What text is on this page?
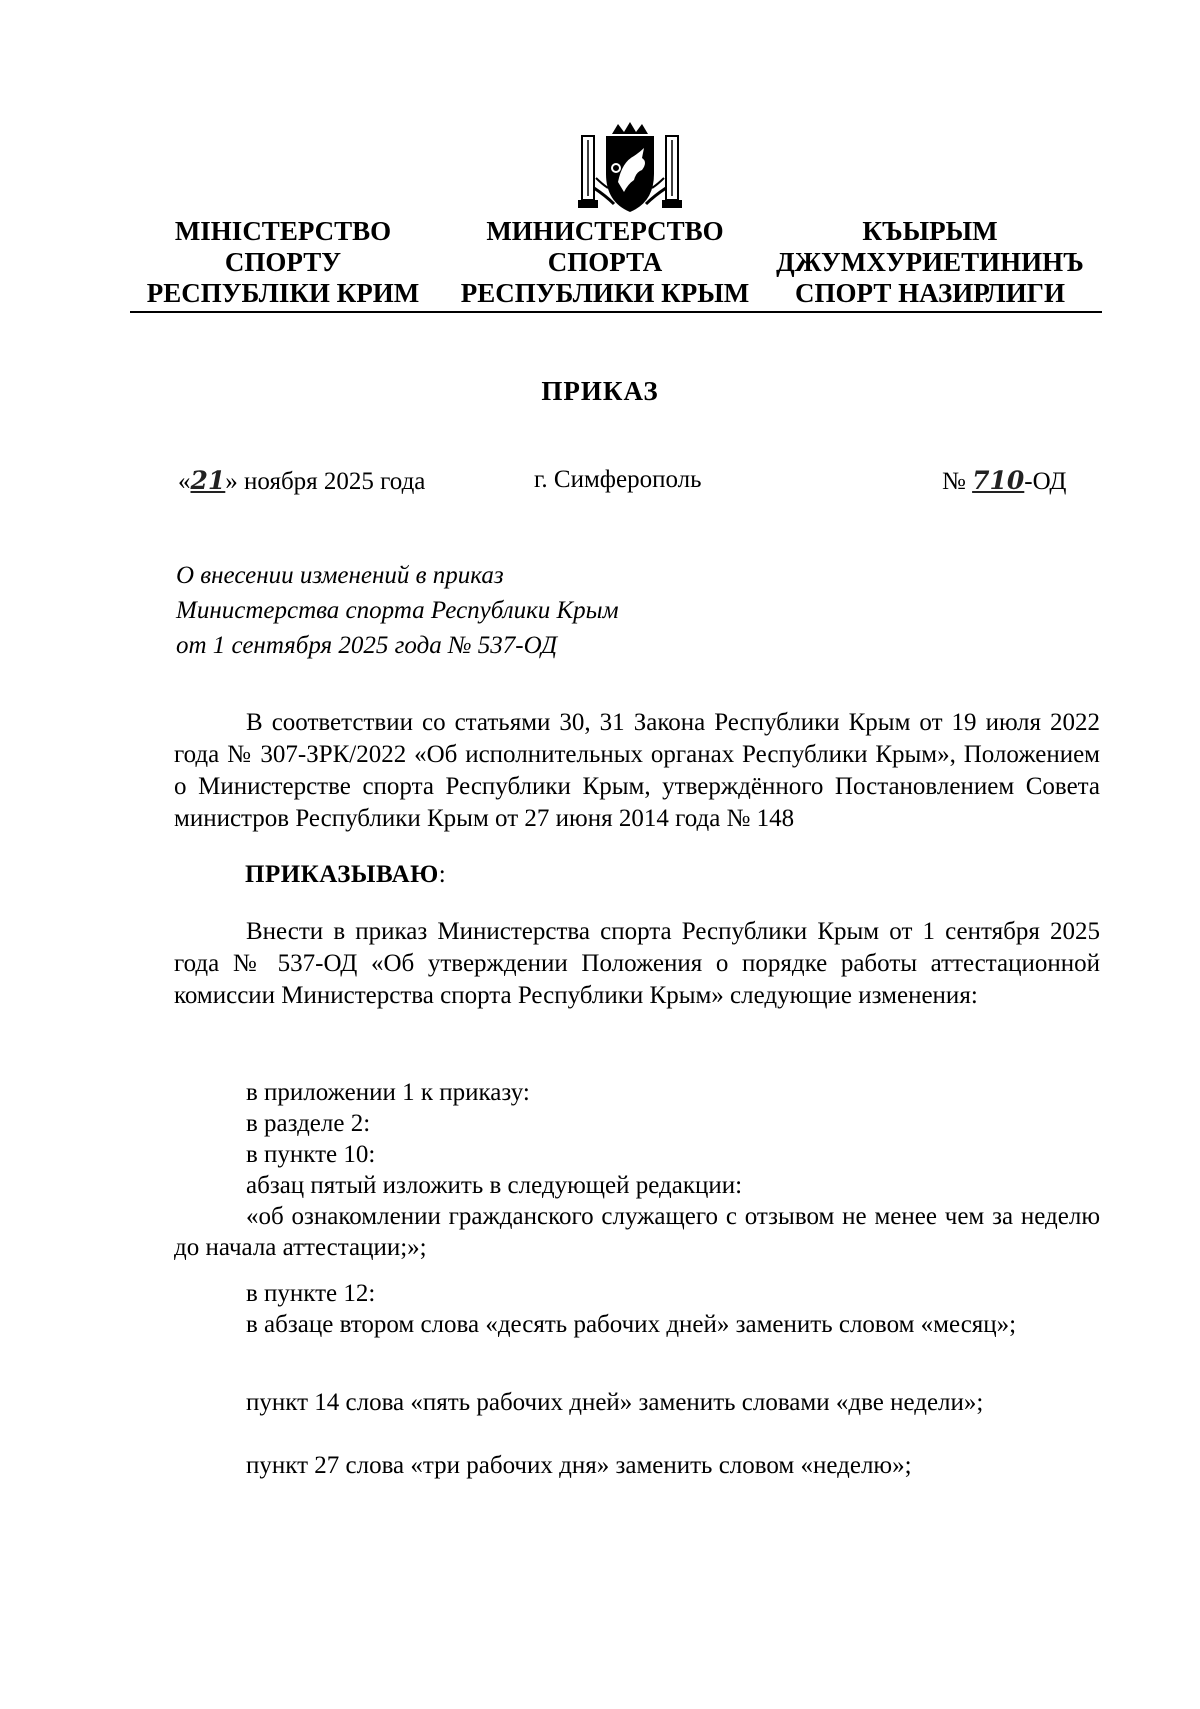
МІНІСТЕРСТВО
СПОРТУ
РЕСПУБЛІКИ КРИМ
МИНИСТЕРСТВО
СПОРТА
РЕСПУБЛИКИ КРЫМ
КЪЫРЫМ
ДЖУМХУРИЕТИНИНЪ
СПОРТ НАЗИРЛИГИ
ПРИКАЗ
«21» ноября 2025 года	г. Симферополь	№ 710-ОД
О внесении изменений в приказ
Министерства спорта Республики Крым
от 1 сентября 2025 года № 537-ОД
В соответствии со статьями 30, 31 Закона Республики Крым от 19 июля 2022 года № 307-ЗРК/2022 «Об исполнительных органах Республики Крым», Положением о Министерстве спорта Республики Крым, утверждённого Постановлением Совета министров Республики Крым от 27 июня 2014 года № 148
ПРИКАЗЫВАЮ:
Внести в приказ Министерства спорта Республики Крым от 1 сентября 2025 года № 537-ОД «Об утверждении Положения о порядке работы аттестационной комиссии Министерства спорта Республики Крым» следующие изменения:
в приложении 1 к приказу:
в разделе 2:
в пункте 10:
абзац пятый изложить в следующей редакции:
«об ознакомлении гражданского служащего с отзывом не менее чем за неделю до начала аттестации;»;
в пункте 12:
в абзаце втором слова «десять рабочих дней» заменить словом «месяц»;
пункт 14 слова «пять рабочих дней» заменить словами «две недели»;
пункт 27 слова «три рабочих дня» заменить словом «неделю»;
